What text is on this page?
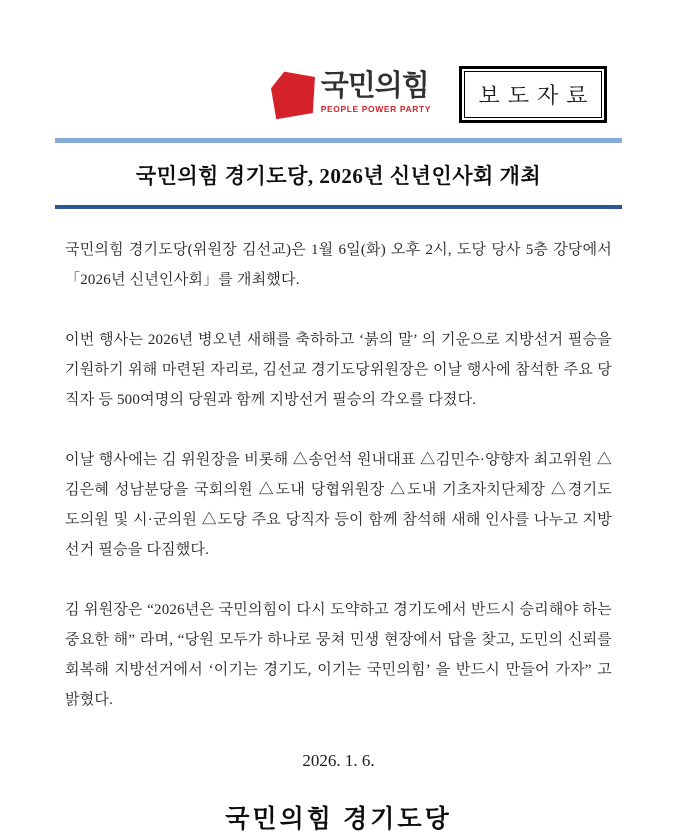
국민의힘
PEOPLE POWER PARTY
보도자료
국민의힘 경기도당, 2026년 신년인사회 개최

국민의힘 경기도당(위원장 김선교)은 1월 6일(화) 오후 2시, 도당 당사 5층 강당에서 「2026년 신년인사회」를 개최했다.

이번 행사는 2026년 병오년 새해를 축하하고 ‘붉의 말’ 의 기운으로 지방선거 필승을 기원하기 위해 마련된 자리로, 김선교 경기도당위원장은 이날 행사에 참석한 주요 당직자 등 500여명의 당원과 함께 지방선거 필승의 각오를 다졌다.

이날 행사에는 김 위원장을 비롯해 △송언석 원내대표 △김민수·양향자 최고위원 △김은혜 성남분당을 국회의원 △도내 당협위원장 △도내 기초자치단체장 △경기도 도의원 및 시·군의원 △도당 주요 당직자 등이 함께 참석해 새해 인사를 나누고 지방선거 필승을 다짐했다.

김 위원장은 “2026년은 국민의힘이 다시 도약하고 경기도에서 반드시 승리해야 하는 중요한 해” 라며, “당원 모두가 하나로 뭉쳐 민생 현장에서 답을 찾고, 도민의 신뢰를 회복해 지방선거에서 ‘이기는 경기도, 이기는 국민의힘’ 을 반드시 만들어 가자” 고 밝혔다.

2026. 1. 6.
국민의힘 경기도당
